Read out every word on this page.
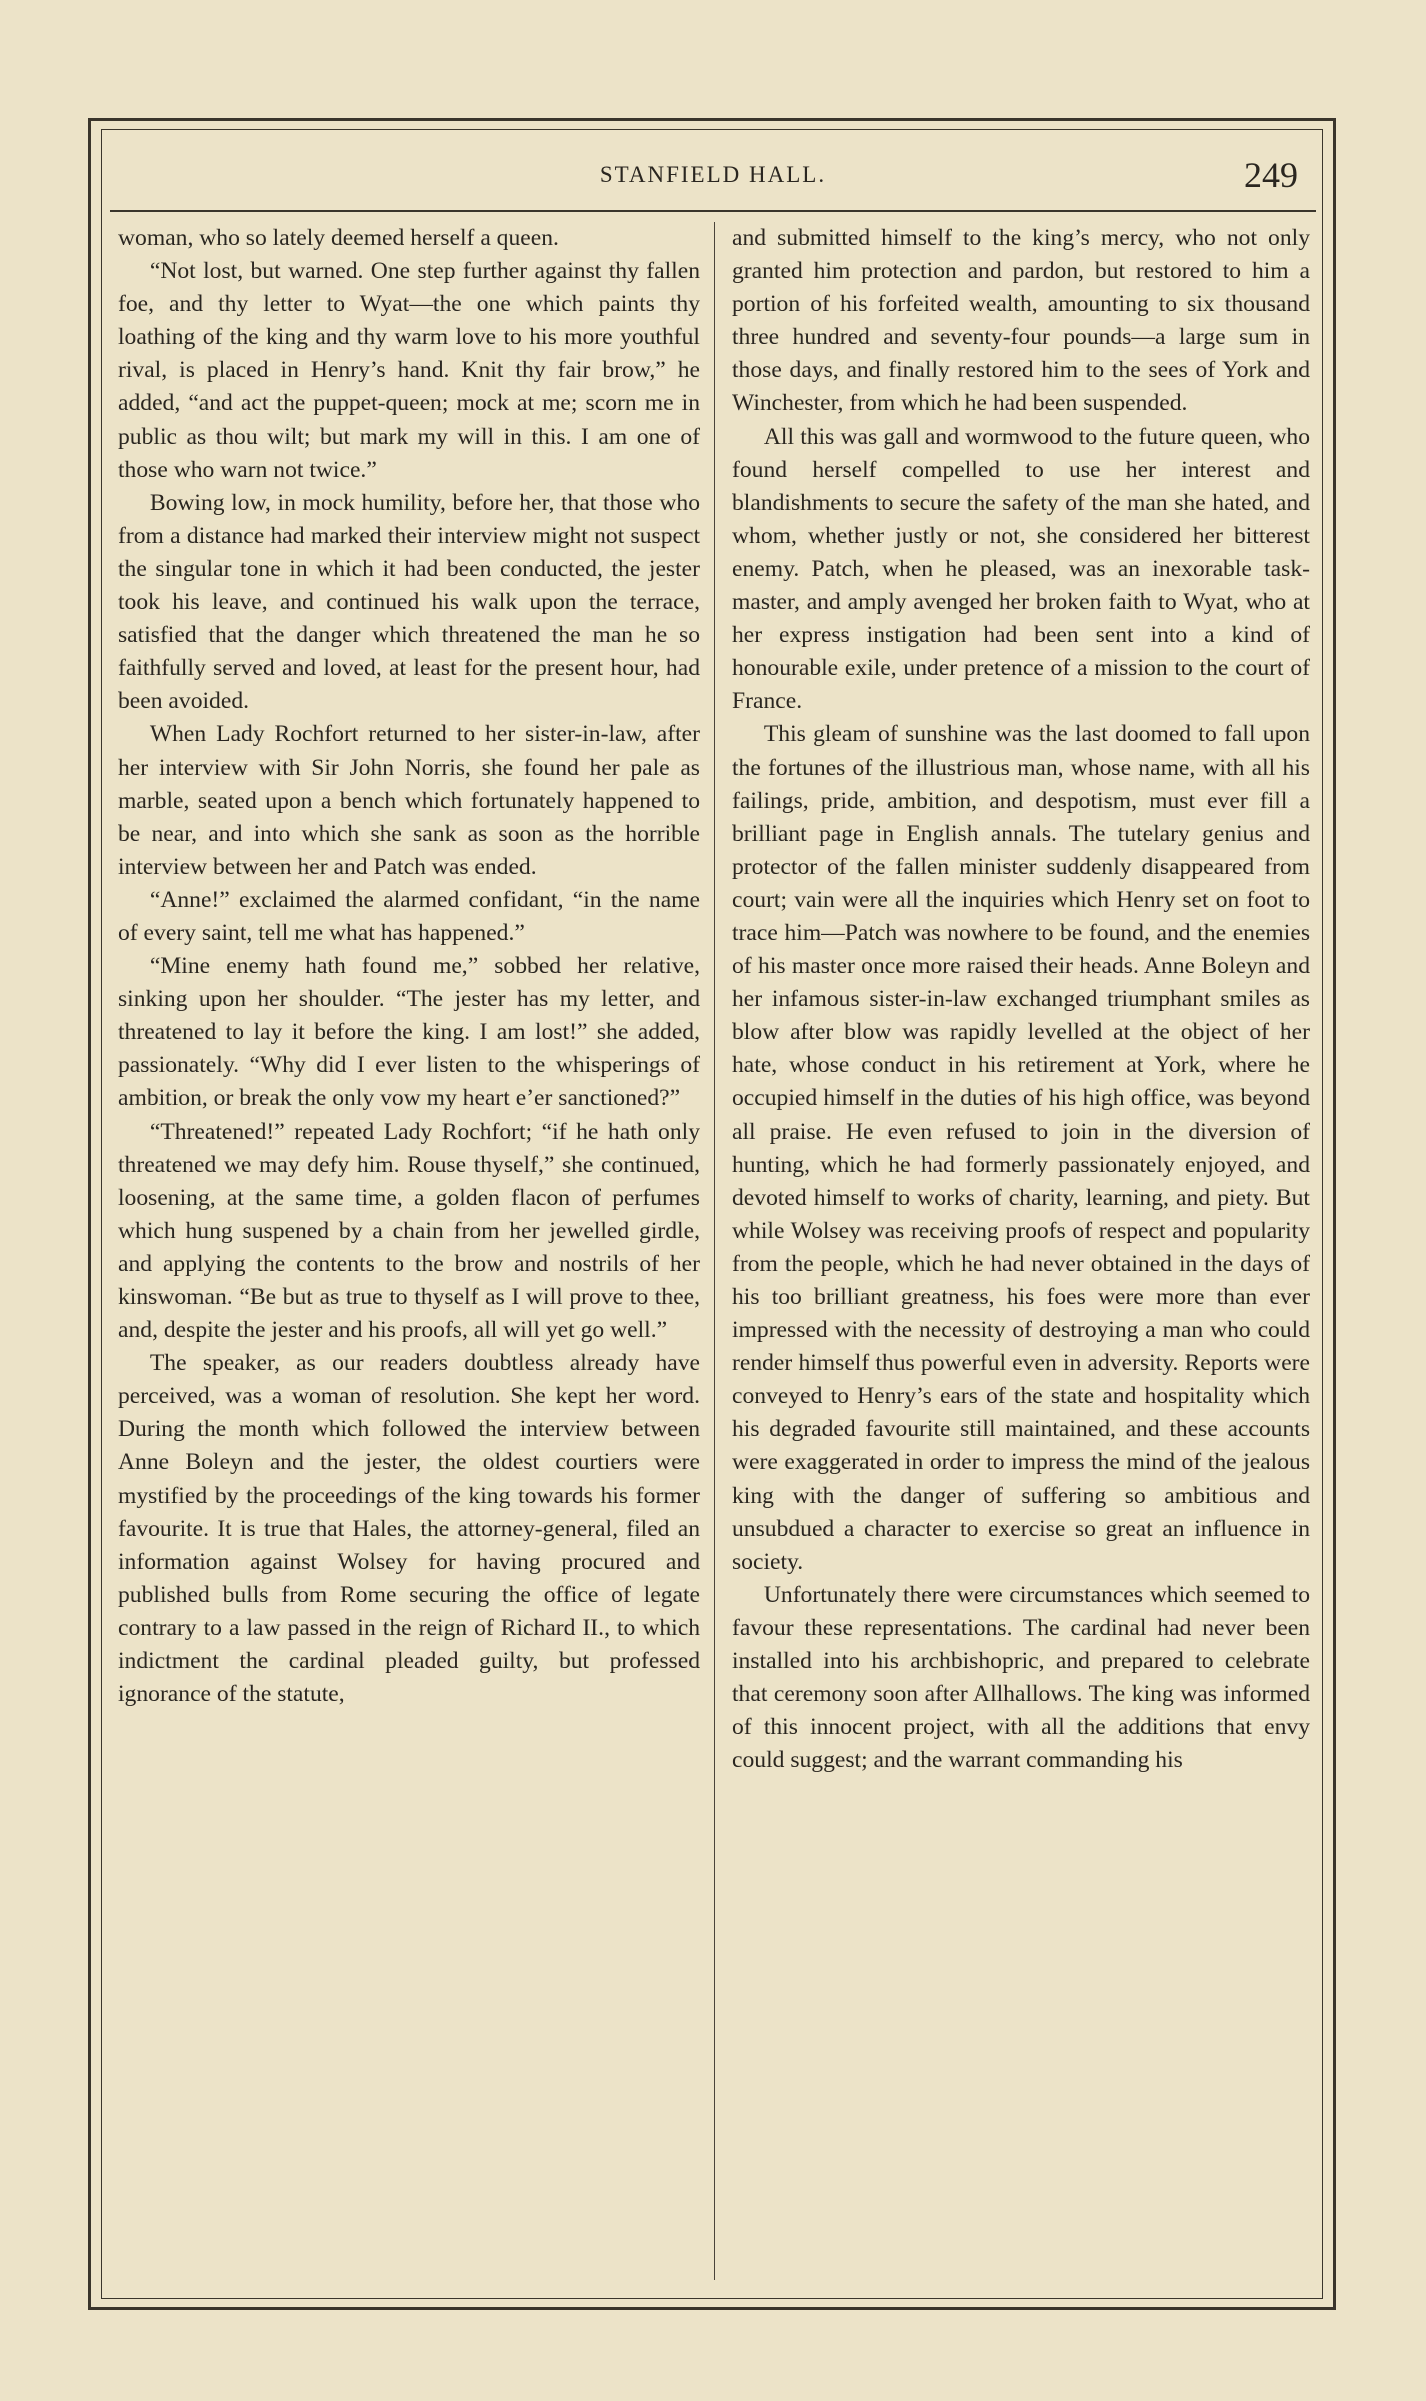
STANFIELD HALL.	249

woman, who so lately deemed herself a queen.

“Not lost, but warned. One step further against thy fallen foe, and thy letter to Wyat—the one which paints thy loathing of the king and thy warm love to his more youthful rival, is placed in Henry’s hand. Knit thy fair brow,” he added, “and act the puppet-queen; mock at me; scorn me in public as thou wilt; but mark my will in this. I am one of those who warn not twice.”

Bowing low, in mock humility, before her, that those who from a distance had marked their interview might not suspect the singular tone in which it had been conducted, the jester took his leave, and continued his walk upon the terrace, satisfied that the danger which threatened the man he so faithfully served and loved, at least for the present hour, had been avoided.

When Lady Rochfort returned to her sister-in-law, after her interview with Sir John Norris, she found her pale as marble, seated upon a bench which fortunately happened to be near, and into which she sank as soon as the horrible interview between her and Patch was ended.

“Anne!” exclaimed the alarmed confidant, “in the name of every saint, tell me what has happened.”

“Mine enemy hath found me,” sobbed her relative, sinking upon her shoulder. “The jester has my letter, and threatened to lay it before the king. I am lost!” she added, passionately. “Why did I ever listen to the whisperings of ambition, or break the only vow my heart e’er sanctioned?”

“Threatened!” repeated Lady Rochfort; “if he hath only threatened we may defy him. Rouse thyself,” she continued, loosening, at the same time, a golden flacon of perfumes which hung suspened by a chain from her jewelled girdle, and applying the contents to the brow and nostrils of her kinswoman. “Be but as true to thyself as I will prove to thee, and, despite the jester and his proofs, all will yet go well.”

The speaker, as our readers doubtless already have perceived, was a woman of resolution. She kept her word. During the month which followed the interview between Anne Boleyn and the jester, the oldest courtiers were mystified by the proceedings of the king towards his former favourite. It is true that Hales, the attorney-general, filed an information against Wolsey for having procured and published bulls from Rome securing the office of legate contrary to a law passed in the reign of Richard II., to which indictment the cardinal pleaded guilty, but professed ignorance of the statute,

and submitted himself to the king’s mercy, who not only granted him protection and pardon, but restored to him a portion of his forfeited wealth, amounting to six thousand three hundred and seventy-four pounds—a large sum in those days, and finally restored him to the sees of York and Winchester, from which he had been suspended.

All this was gall and wormwood to the future queen, who found herself compelled to use her interest and blandishments to secure the safety of the man she hated, and whom, whether justly or not, she considered her bitterest enemy. Patch, when he pleased, was an inexorable task-master, and amply avenged her broken faith to Wyat, who at her express instigation had been sent into a kind of honourable exile, under pretence of a mission to the court of France.

This gleam of sunshine was the last doomed to fall upon the fortunes of the illustrious man, whose name, with all his failings, pride, ambition, and despotism, must ever fill a brilliant page in English annals. The tutelary genius and protector of the fallen minister suddenly disappeared from court; vain were all the inquiries which Henry set on foot to trace him—Patch was nowhere to be found, and the enemies of his master once more raised their heads. Anne Boleyn and her infamous sister-in-law exchanged triumphant smiles as blow after blow was rapidly levelled at the object of her hate, whose conduct in his retirement at York, where he occupied himself in the duties of his high office, was beyond all praise. He even refused to join in the diversion of hunting, which he had formerly passionately enjoyed, and devoted himself to works of charity, learning, and piety. But while Wolsey was receiving proofs of respect and popularity from the people, which he had never obtained in the days of his too brilliant greatness, his foes were more than ever impressed with the necessity of destroying a man who could render himself thus powerful even in adversity. Reports were conveyed to Henry’s ears of the state and hospitality which his degraded favourite still maintained, and these accounts were exaggerated in order to impress the mind of the jealous king with the danger of suffering so ambitious and unsubdued a character to exercise so great an influence in society.

Unfortunately there were circumstances which seemed to favour these representations. The cardinal had never been installed into his archbishopric, and prepared to celebrate that ceremony soon after Allhallows. The king was informed of this innocent project, with all the additions that envy could suggest; and the warrant commanding his
